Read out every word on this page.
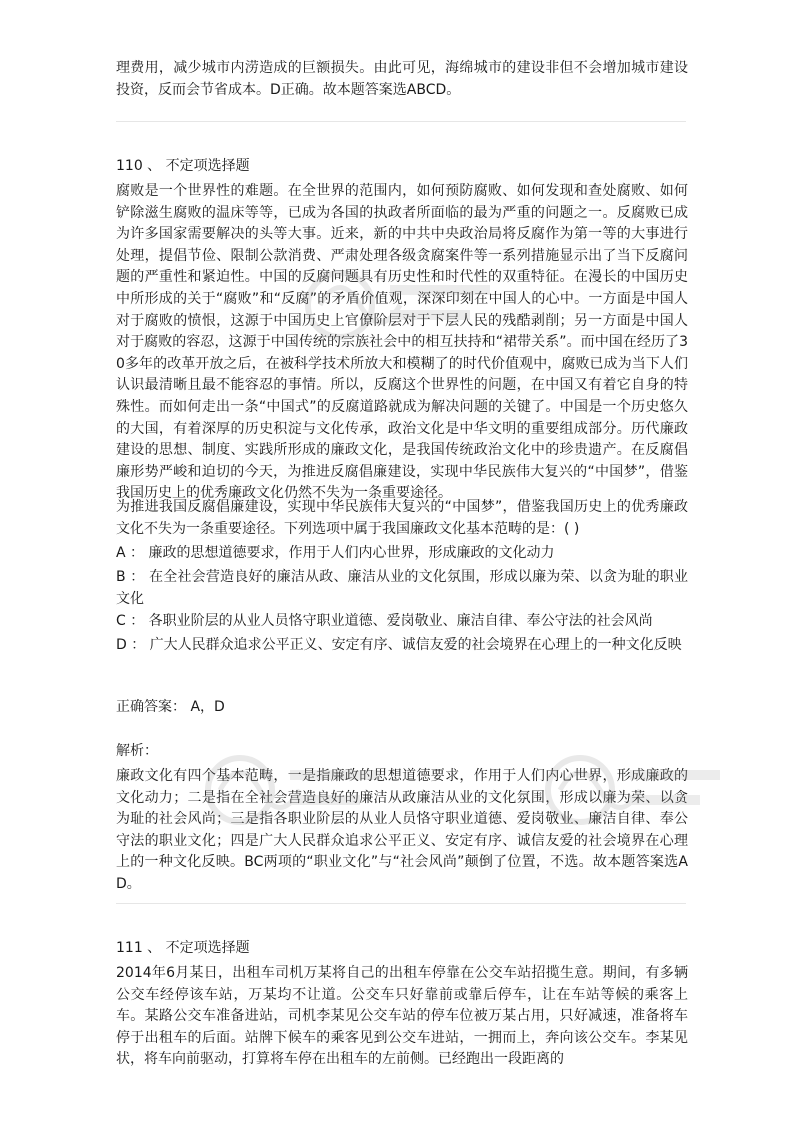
理费用，减少城市内涝造成的巨额损失。由此可见，海绵城市的建设非但不会增加城市建设投资，反而会节省成本。D正确。故本题答案选ABCD。

110 、 不定项选择题

腐败是一个世界性的难题。在全世界的范围内，如何预防腐败、如何发现和查处腐败、如何铲除滋生腐败的温床等等，已成为各国的执政者所面临的最为严重的问题之一。反腐败已成为许多国家需要解决的头等大事。近来，新的中共中央政治局将反腐作为第一等的大事进行处理，提倡节俭、限制公款消费、严肃处理各级贪腐案件等一系列措施显示出了当下反腐问题的严重性和紧迫性。中国的反腐问题具有历史性和时代性的双重特征。在漫长的中国历史中所形成的关于“腐败”和“反腐”的矛盾价值观，深深印刻在中国人的心中。一方面是中国人对于腐败的愤恨，这源于中国历史上官僚阶层对于下层人民的残酷剥削；另一方面是中国人对于腐败的容忍，这源于中国传统的宗族社会中的相互扶持和“裙带关系”。而中国在经历了30多年的改革开放之后，在被科学技术所放大和模糊了的时代价值观中，腐败已成为当下人们认识最清晰且最不能容忍的事情。所以，反腐这个世界性的问题，在中国又有着它自身的特殊性。而如何走出一条“中国式”的反腐道路就成为解决问题的关键了。中国是一个历史悠久的大国，有着深厚的历史积淀与文化传承，政治文化是中华文明的重要组成部分。历代廉政建设的思想、制度、实践所形成的廉政文化，是我国传统政治文化中的珍贵遗产。在反腐倡廉形势严峻和迫切的今天，为推进反腐倡廉建设，实现中华民族伟大复兴的“中国梦”，借鉴我国历史上的优秀廉政文化仍然不失为一条重要途径。

为推进我国反腐倡廉建设，实现中华民族伟大复兴的“中国梦”，借鉴我国历史上的优秀廉政文化不失为一条重要途径。下列选项中属于我国廉政文化基本范畴的是：( )

A ： 廉政的思想道德要求，作用于人们内心世界，形成廉政的文化动力

B ： 在全社会营造良好的廉洁从政、廉洁从业的文化氛围，形成以廉为荣、以贪为耻的职业文化

C ： 各职业阶层的从业人员恪守职业道德、爱岗敬业、廉洁自律、奉公守法的社会风尚

D ： 广大人民群众追求公平正义、安定有序、诚信友爱的社会境界在心理上的一种文化反映

正确答案： A，D
解析：

廉政文化有四个基本范畴，一是指廉政的思想道德要求，作用于人们内心世界，形成廉政的文化动力；二是指在全社会营造良好的廉洁从政廉洁从业的文化氛围，形成以廉为荣、以贪为耻的社会风尚；三是指各职业阶层的从业人员恪守职业道德、爱岗敬业、廉洁自律、奉公守法的职业文化；四是广大人民群众追求公平正义、安定有序、诚信友爱的社会境界在心理上的一种文化反映。BC两项的“职业文化”与“社会风尚”颠倒了位置，不选。故本题答案选AD。

111 、 不定项选择题

2014年6月某日，出租车司机万某将自己的出租车停靠在公交车站招揽生意。期间，有多辆公交车经停该车站，万某均不让道。公交车只好靠前或靠后停车，让在车站等候的乘客上车。某路公交车准备进站，司机李某见公交车站的停车位被万某占用，只好减速，准备将车停于出租车的后面。站牌下候车的乘客见到公交车进站，一拥而上，奔向该公交车。李某见状，将车向前驱动，打算将车停在出租车的左前侧。已经跑出一段距离的
